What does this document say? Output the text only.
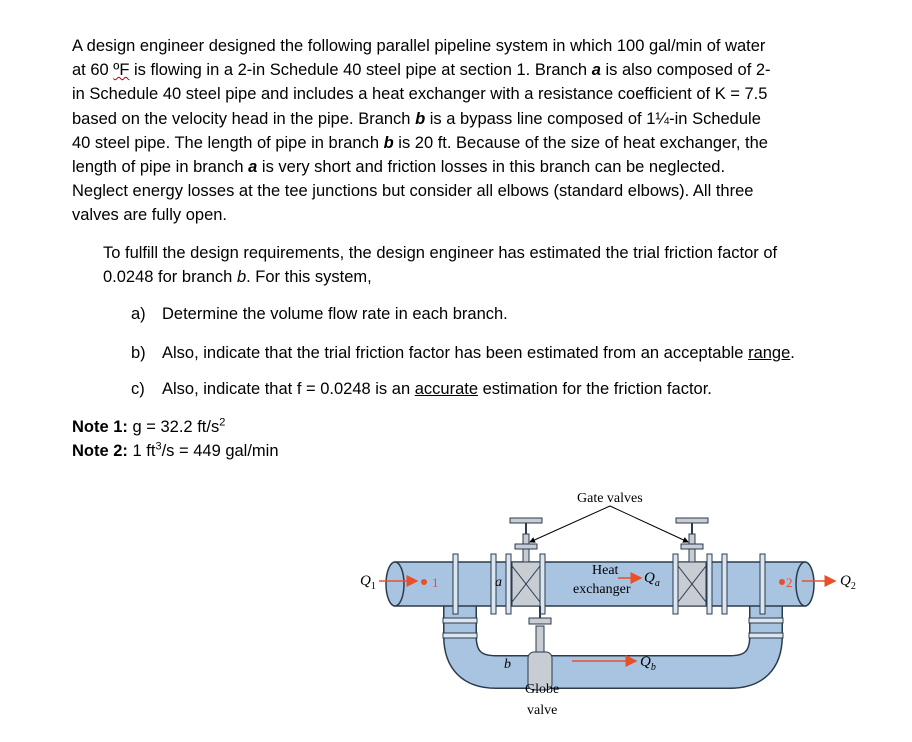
A design engineer designed the following parallel pipeline system in which 100 gal/min of water

at 60 ºF is flowing in a 2-in Schedule 40 steel pipe at section 1. Branch a is also composed of 2-

in Schedule 40 steel pipe and includes a heat exchanger with a resistance coefficient of K = 7.5

based on the velocity head in the pipe. Branch b is a bypass line composed of 1¼-in Schedule

40 steel pipe. The length of pipe in branch b is 20 ft. Because of the size of heat exchanger, the

length of pipe in branch a is very short and friction losses in this branch can be neglected.

Neglect energy losses at the tee junctions but consider all elbows (standard elbows). All three

valves are fully open.

To fulfill the design requirements, the design engineer has estimated the trial friction factor of

0.0248 for branch b. For this system,

a) Determine the volume flow rate in each branch.
b) Also, indicate that the trial friction factor has been estimated from an acceptable range.
c) Also, indicate that f = 0.0248 is an accurate estimation for the friction factor.
Note 1: g = 32.2 $ft/s^2$
Note 2: 1 $ft^3/s = 449$ gal/min
Gate valves
Heat
exchanger
Globe
valve
a
b
1	2
$Q_1$	$Q_2$
$Q_a$
$Q_b$
